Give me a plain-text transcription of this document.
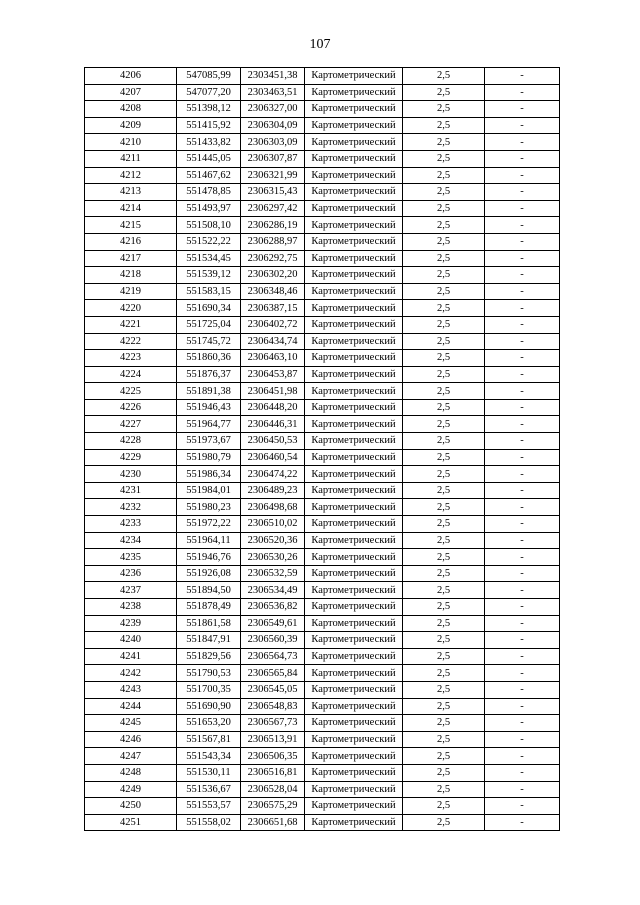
107
4206	547085,99	2303451,38	Картометрический	2,5	-
4207	547077,20	2303463,51	Картометрический	2,5	-
4208	551398,12	2306327,00	Картометрический	2,5	-
4209	551415,92	2306304,09	Картометрический	2,5	-
4210	551433,82	2306303,09	Картометрический	2,5	-
4211	551445,05	2306307,87	Картометрический	2,5	-
4212	551467,62	2306321,99	Картометрический	2,5	-
4213	551478,85	2306315,43	Картометрический	2,5	-
4214	551493,97	2306297,42	Картометрический	2,5	-
4215	551508,10	2306286,19	Картометрический	2,5	-
4216	551522,22	2306288,97	Картометрический	2,5	-
4217	551534,45	2306292,75	Картометрический	2,5	-
4218	551539,12	2306302,20	Картометрический	2,5	-
4219	551583,15	2306348,46	Картометрический	2,5	-
4220	551690,34	2306387,15	Картометрический	2,5	-
4221	551725,04	2306402,72	Картометрический	2,5	-
4222	551745,72	2306434,74	Картометрический	2,5	-
4223	551860,36	2306463,10	Картометрический	2,5	-
4224	551876,37	2306453,87	Картометрический	2,5	-
4225	551891,38	2306451,98	Картометрический	2,5	-
4226	551946,43	2306448,20	Картометрический	2,5	-
4227	551964,77	2306446,31	Картометрический	2,5	-
4228	551973,67	2306450,53	Картометрический	2,5	-
4229	551980,79	2306460,54	Картометрический	2,5	-
4230	551986,34	2306474,22	Картометрический	2,5	-
4231	551984,01	2306489,23	Картометрический	2,5	-
4232	551980,23	2306498,68	Картометрический	2,5	-
4233	551972,22	2306510,02	Картометрический	2,5	-
4234	551964,11	2306520,36	Картометрический	2,5	-
4235	551946,76	2306530,26	Картометрический	2,5	-
4236	551926,08	2306532,59	Картометрический	2,5	-
4237	551894,50	2306534,49	Картометрический	2,5	-
4238	551878,49	2306536,82	Картометрический	2,5	-
4239	551861,58	2306549,61	Картометрический	2,5	-
4240	551847,91	2306560,39	Картометрический	2,5	-
4241	551829,56	2306564,73	Картометрический	2,5	-
4242	551790,53	2306565,84	Картометрический	2,5	-
4243	551700,35	2306545,05	Картометрический	2,5	-
4244	551690,90	2306548,83	Картометрический	2,5	-
4245	551653,20	2306567,73	Картометрический	2,5	-
4246	551567,81	2306513,91	Картометрический	2,5	-
4247	551543,34	2306506,35	Картометрический	2,5	-
4248	551530,11	2306516,81	Картометрический	2,5	-
4249	551536,67	2306528,04	Картометрический	2,5	-
4250	551553,57	2306575,29	Картометрический	2,5	-
4251	551558,02	2306651,68	Картометрический	2,5	-
